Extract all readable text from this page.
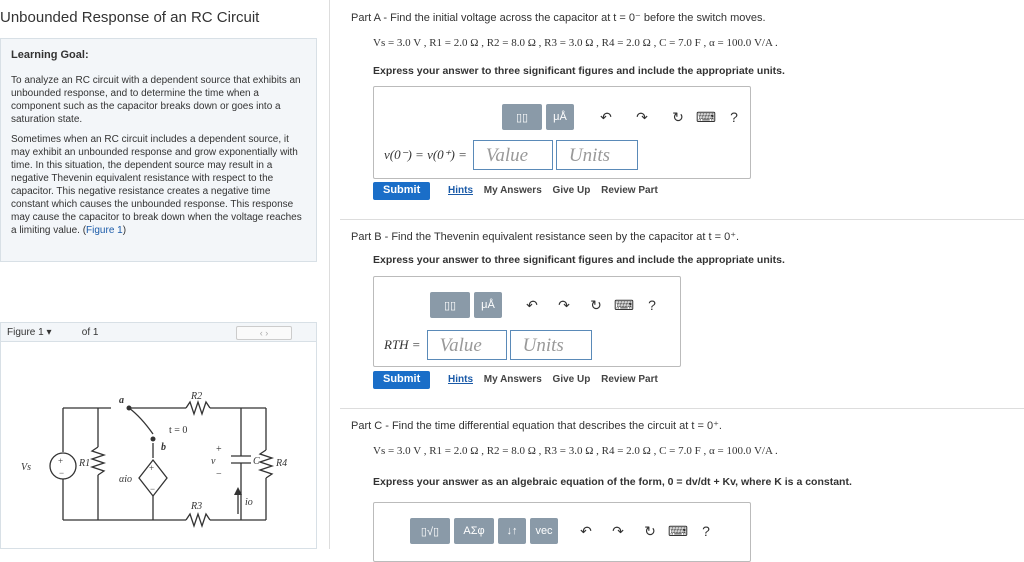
Unbounded Response of an RC Circuit
Learning Goal:

To analyze an RC circuit with a dependent source that exhibits an unbounded response, and to determine the time when a component such as the capacitor breaks down or goes into a saturation state.

Sometimes when an RC circuit includes a dependent source, it may exhibit an unbounded response and grow exponentially with time. In this situation, the dependent source may result in a negative Thevenin equivalent resistance with respect to the capacitor. This negative resistance creates a negative time constant which causes the unbounded response. This response may cause the capacitor to break down when the voltage reaches a limiting value. (Figure 1)

Figure 1 ▾	of 1	‹ ›
Vs
+
−
R1
R2
R3
R4
a
b
t = 0
C
v
+
−
αio
+
−
io
Part A - Find the initial voltage across the capacitor at t = 0⁻ before the switch moves.
Vs = 3.0 V , R1 = 2.0 Ω , R2 = 8.0 Ω , R3 = 3.0 Ω , R4 = 2.0 Ω , C = 7.0 F , α = 100.0 V/A .
Express your answer to three significant figures and include the appropriate units.
▯▯	μÅ	↶	↷	↻ ⌨ ?
v(0⁻) = v(0⁺) =	Value	Units
Submit	Hints My Answers Give Up Review Part
Part B - Find the Thevenin equivalent resistance seen by the capacitor at t = 0⁺.
Express your answer to three significant figures and include the appropriate units.
▯▯	μÅ	↶	↷	↻ ⌨ ?
RTH =	Value	Units
Submit	Hints My Answers Give Up Review Part
Part C - Find the time differential equation that describes the circuit at t = 0⁺.
Vs = 3.0 V , R1 = 2.0 Ω , R2 = 8.0 Ω , R3 = 3.0 Ω , R4 = 2.0 Ω , C = 7.0 F , α = 100.0 V/A .
Express your answer as an algebraic equation of the form, 0 = dv/dt + Kv, where K is a constant.
▯√▯	ΑΣφ	↓↑	vec	↶	↷	↻ ⌨ ?
